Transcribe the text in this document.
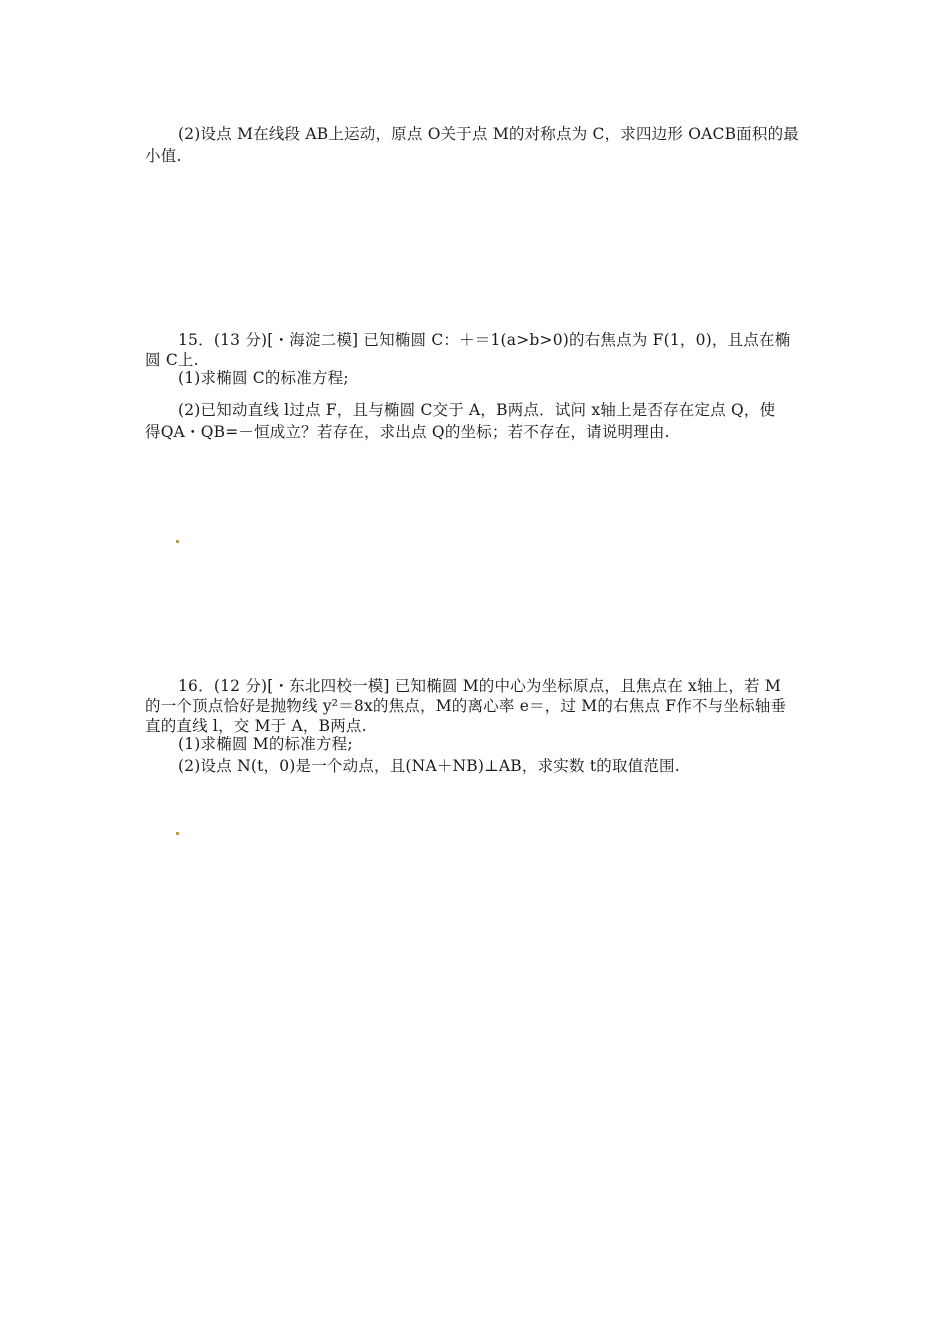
(2)设点 M在线段 AB上运动，原点 O关于点 M的对称点为 C，求四边形 OACB面积的最
小值.
15．(13 分)[・海淀二模] 已知椭圆 C：＋＝1(a>b>0)的右焦点为 F(1，0)，且点在椭
圆 C上.
(1)求椭圆 C的标准方程;
(2)已知动直线 l过点 F，且与椭圆 C交于 A，B两点．试问 x轴上是否存在定点 Q，使
得QA・QB=－恒成立？若存在，求出点 Q的坐标；若不存在，请说明理由.
16．(12 分)[・东北四校一模] 已知椭圆 M的中心为坐标原点，且焦点在 x轴上，若 M
的一个顶点恰好是抛物线 y²＝8x的焦点，M的离心率 e＝，过 M的右焦点 F作不与坐标轴垂
直的直线 l，交 M于 A，B两点.
(1)求椭圆 M的标准方程;
(2)设点 N(t，0)是一个动点，且(NA＋NB)⊥AB，求实数 t的取值范围.
